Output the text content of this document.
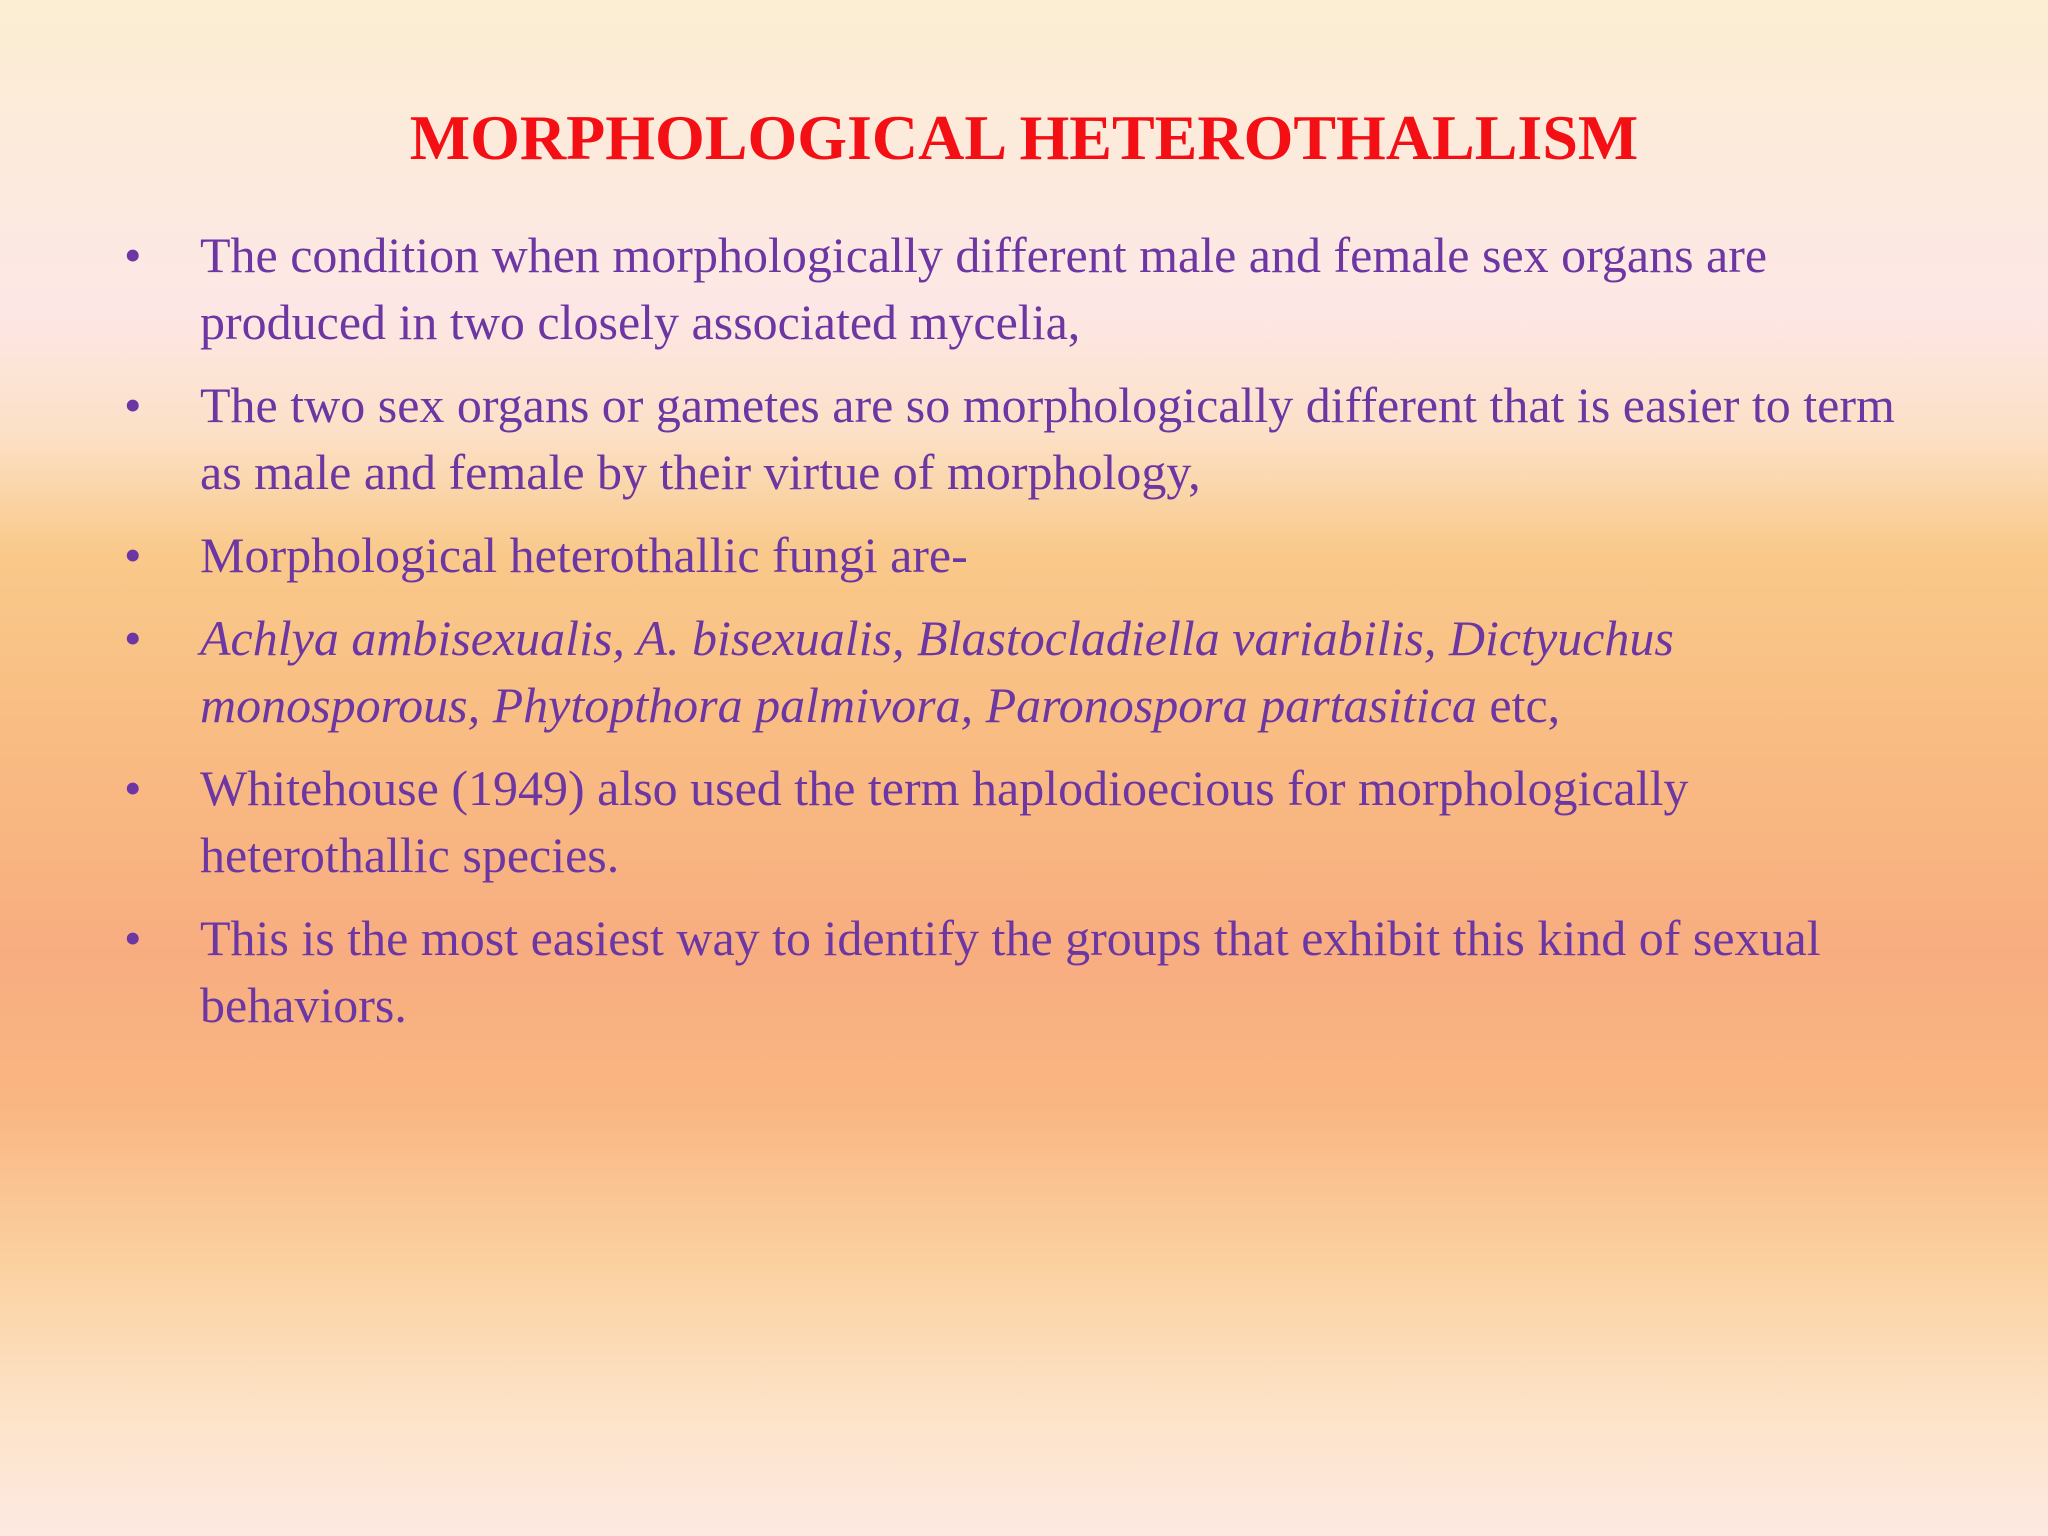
MORPHOLOGICAL HETEROTHALLISM
•	The condition when morphologically different male and female sex organs are produced in two closely associated mycelia,
•	The two sex organs or gametes are so morphologically different that is easier to term as male and female by their virtue of morphology,
•	Morphological heterothallic fungi are-
•	Achlya ambisexualis, A. bisexualis, Blastocladiella variabilis, Dictyuchus monosporous, Phytopthora palmivora, Paronospora partasitica etc,
•	Whitehouse (1949) also used the term haplodioecious for morphologically heterothallic species.
•	This is the most easiest way to identify the groups that exhibit this kind of sexual behaviors.
